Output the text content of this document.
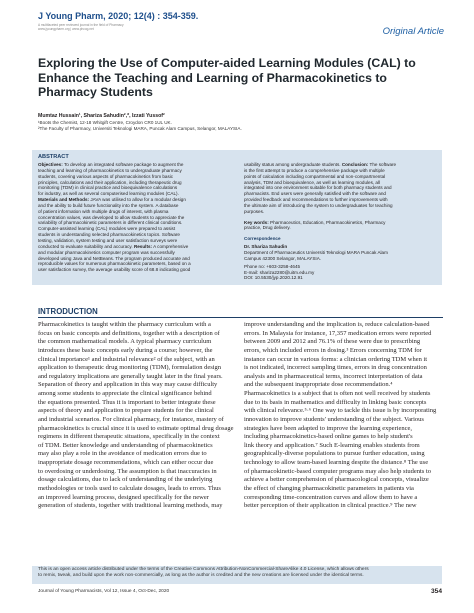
J Young Pharm, 2020; 12(4) : 354-359.
A multifaceted peer reviewed journal in the field of Pharmacy
www.jyoungpharm.org | www.phcog.net	Original Article
Exploring the Use of Computer-aided Learning Modules (CAL) to Enhance the Teaching and Learning of Pharmacokinetics to Pharmacy Students
Mumtaz Hussain¹, Shariza Sahudin²,*, Izzati Yussof²
¹Boots the Chemist, 12-18 Whitgift Centre, Croydon CR0 1UL UK.
²The Faculty of Pharmacy, Universiti Teknologi MARA, Puncak Alam Campus, Selangor, MALAYSIA.
ABSTRACT
Objectives: To develop an integrated software package to augment the
teaching and learning of pharmacokinetics to undergraduate pharmacy
students, covering various aspects of pharmacokinetics from basic
principles, calculations and their application, including therapeutic drug
monitoring (TDM) in clinical practice and bioequivalence calculations
for industry, as well as several computerised learning modules (CAL).
Materials and Methods: JAVA was utilised to allow for a modular design
and the ability to build future functionality into the system. A database
of patient information with multiple drugs of interest, with plasma
concentration values, was developed to allow students to appreciate the
variability of pharmacokinetic parameters in different clinical conditions.
Computer-assisted learning (CAL) modules were prepared to assist
students in understanding selected pharmacokinetics topics. Software
testing, validation, system testing and user satisfaction surveys were
conducted to evaluate suitability and accuracy. Results: A comprehensive
and modular pharmacokinetics computer program was successfully
developed using Java and NetBeans. The program produced accurate and
reproducible values for numerous pharmacokinetic parameters, based on a
user satisfaction survey, the average usability score of 68.8 indicating good
usability status among undergraduate students. Conclusion: The software
is the first attempt to produce a comprehensive package with multiple
points of calculation including compartmental and non-compartmental
analysis, TDM and bioequivalence, as well as learning modules, all
integrated into one environment suitable for both pharmacy students and
pharmacists. End users were generally satisfied with the software and
provided feedback and recommendations to further improvements with
the ultimate aim of introducing the system to undergraduates for teaching
purposes.
Key words: Pharmaceutics, Education, Pharmacokinetics, Pharmacy
practice, Drug delivery.
Correspondence
Dr. Shariza Sahudin
Department of Pharmaceutics Universiti Teknologi MARA Puncak Alam
Campus 42300 Selangor, MALAYSIA.
Phone no: +603-3258-4645
E-mail: shariza2280@uitm.edu.my
DOI: 10.5530/jyp.2020.12.91
INTRODUCTION
Pharmacokinetics is taught within the pharmacy curriculum with a
focus on basic concepts and definitions, together with a description of
the common mathematical models. A typical pharmacy curriculum
introduces these basic concepts early during a course; however, the
clinical importance¹ and industrial relevance² of the subject, with an
application to therapeutic drug monitoring (TDM), formulation design
and regulatory implications are generally taught later in the final years.
Separation of theory and application in this way may cause difficulty
among some students to appreciate the clinical significance behind
the equations presented. Thus it is important to better integrate these
aspects of theory and application to prepare students for the clinical
and industrial scenarios. For clinical pharmacy, for instance, mastery of
pharmacokinetics is crucial since it is used to estimate optimal drug dosage
regimens in different therapeutic situations, specifically in the context
of TDM. Better knowledge and understanding of pharmacokinetics
may also play a role in the avoidance of medication errors due to
inappropriate dosage recommendations, which can either occur due
to overdosing or underdosing. The assumption is that inaccuracies in
dosage calculations, due to lack of understanding of the underlying
methodologies or tools used to calculate dosages, leads to errors. Thus
an improved learning process, designed specifically for the newer
generation of students, together with traditional learning methods, may
improve understanding and the implication is, reduce calculation-based
errors. In Malaysia for instance, 17,357 medication errors were reported
between 2009 and 2012 and 76.1% of these were due to prescribing
errors, which included errors in dosing.³ Errors concerning TDM for
instance can occur in various forms: a clinician ordering TDM when it
is not indicated, incorrect sampling times, errors in drug concentration
analysis and in pharmaceutical terms, incorrect interpretation of data
and the subsequent inappropriate dose recommendation.⁴
Pharmacokinetics is a subject that is often not well received by students
due to its basis in mathematics and difficulty in linking basic concepts
with clinical relevance.⁵·⁶ One way to tackle this issue is by incorporating
innovation to improve students' understanding of the subject. Various
strategies have been adapted to improve the learning experience,
including pharmacokinetics-based online games to help student's
link theory and application.⁷ Such E-learning enables students from
geographically-diverse populations to pursue further education, using
technology to allow team-based learning despite the distance.⁸ The use
of pharmacokinetic-based computer programs may also help students to
achieve a better comprehension of pharmacological concepts, visualize
the effect of changing pharmacokinetic parameters in patients via
corresponding time-concentration curves and allow them to have a
better perception of their application in clinical practice.⁹ The new
This is an open access article distributed under the terms of the Creative Commons Attribution-NonCommercial-ShareAlike 4.0 License, which allows others
to remix, tweak, and build upon the work non-commercially, as long as the author is credited and the new creations are licensed under the identical terms.
Journal of Young Pharmacists, Vol 12, Issue 4, Oct-Dec, 2020	354
